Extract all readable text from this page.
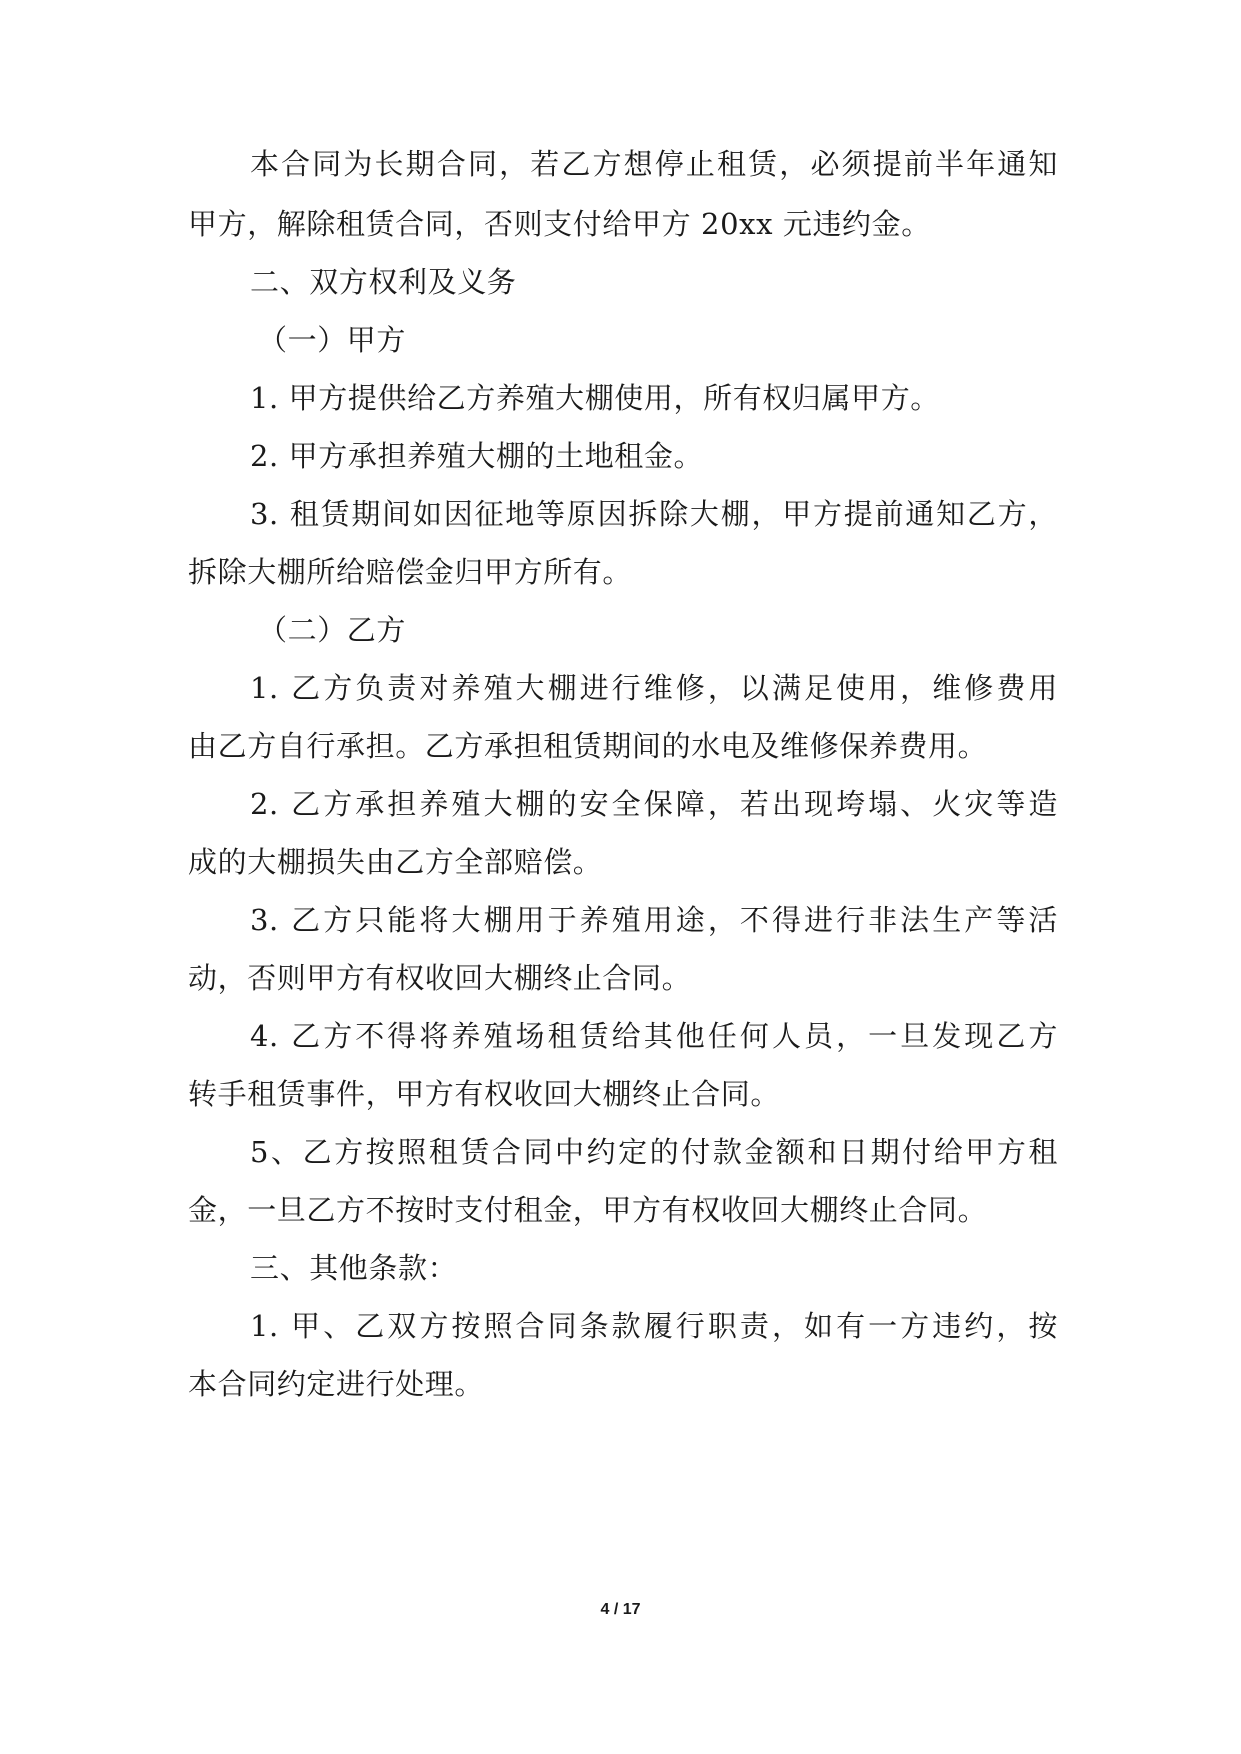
本合同为长期合同，若乙方想停止租赁，必须提前半年通知

甲方，解除租赁合同，否则支付给甲方 20xx 元违约金。

二、双方权利及义务

（一）甲方

1. 甲方提供给乙方养殖大棚使用，所有权归属甲方。

2. 甲方承担养殖大棚的土地租金。

3. 租赁期间如因征地等原因拆除大棚，甲方提前通知乙方，

拆除大棚所给赔偿金归甲方所有。

（二）乙方

1. 乙方负责对养殖大棚进行维修，以满足使用，维修费用

由乙方自行承担。乙方承担租赁期间的水电及维修保养费用。

2. 乙方承担养殖大棚的安全保障，若出现垮塌、火灾等造

成的大棚损失由乙方全部赔偿。

3. 乙方只能将大棚用于养殖用途，不得进行非法生产等活

动，否则甲方有权收回大棚终止合同。

4. 乙方不得将养殖场租赁给其他任何人员，一旦发现乙方

转手租赁事件，甲方有权收回大棚终止合同。

5、乙方按照租赁合同中约定的付款金额和日期付给甲方租

金，一旦乙方不按时支付租金，甲方有权收回大棚终止合同。

三、其他条款：

1. 甲、乙双方按照合同条款履行职责，如有一方违约，按

本合同约定进行处理。

4 / 17
